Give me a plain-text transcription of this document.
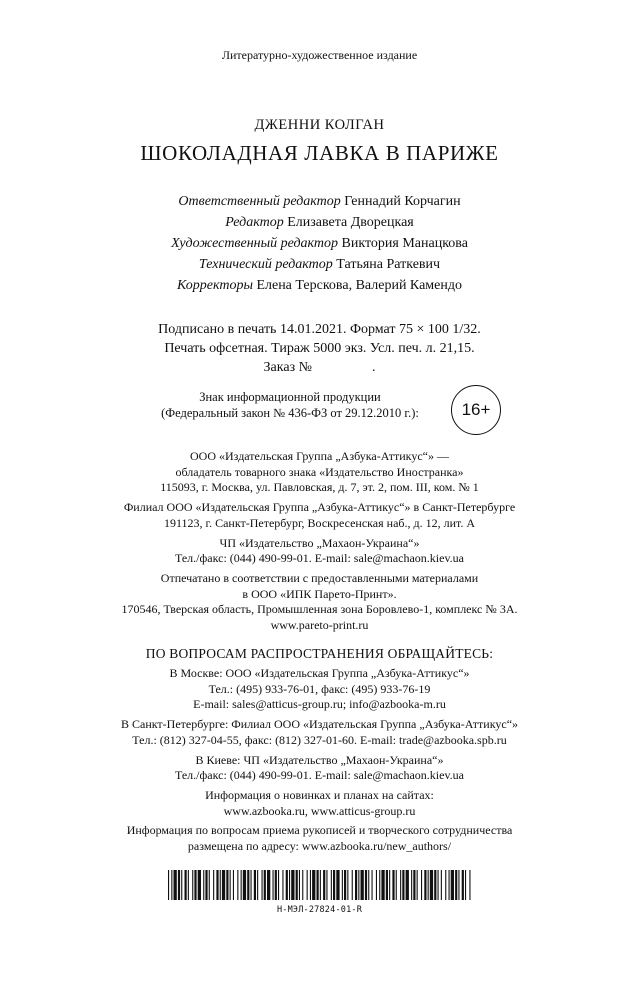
Литературно-художественное издание
ДЖЕННИ КОЛГАН
ШОКОЛАДНАЯ ЛАВКА В ПАРИЖЕ
Ответственный редактор Геннадий Корчагин
Редактор Елизавета Дворецкая
Художественный редактор Виктория Манацкова
Технический редактор Татьяна Раткевич
Корректоры Елена Терскова, Валерий Камендо
Подписано в печать 14.01.2021. Формат 75 × 100 1/32.
Печать офсетная. Тираж 5000 экз. Усл. печ. л. 21,15.
Заказ №	.
Знак информационной продукции
(Федеральный закон № 436-ФЗ от 29.12.2010 г.):	16+
ООО «Издательская Группа „Азбука-Аттикус“» —
обладатель товарного знака «Издательство Иностранка»
115093, г. Москва, ул. Павловская, д. 7, эт. 2, пом. III, ком. № 1
Филиал ООО «Издательская Группа „Азбука-Аттикус“» в Санкт-Петербурге
191123, г. Санкт-Петербург, Воскресенская наб., д. 12, лит. А
ЧП «Издательство „Махаон-Украина“»
Тел./факс: (044) 490-99-01. E-mail: sale@machaon.kiev.ua
Отпечатано в соответствии с предоставленными материалами
в ООО «ИПК Парето-Принт».
170546, Тверская область, Промышленная зона Боровлево-1, комплекс № 3А.
www.pareto-print.ru
ПО ВОПРОСАМ РАСПРОСТРАНЕНИЯ ОБРАЩАЙТЕСЬ:
В Москве: ООО «Издательская Группа „Азбука-Аттикус“»
Тел.: (495) 933-76-01, факс: (495) 933-76-19
E-mail: sales@atticus-group.ru; info@azbooka-m.ru
В Санкт-Петербурге: Филиал ООО «Издательская Группа „Азбука-Аттикус“»
Тел.: (812) 327-04-55, факс: (812) 327-01-60. E-mail: trade@azbooka.spb.ru
В Киеве: ЧП «Издательство „Махаон-Украина“»
Тел./факс: (044) 490-99-01. E-mail: sale@machaon.kiev.ua
Информация о новинках и планах на сайтах:
www.azbooka.ru, www.atticus-group.ru
Информация по вопросам приема рукописей и творческого сотрудничества
размещена по адресу: www.azbooka.ru/new_authors/
Н-МЭЛ-27824-01-R
